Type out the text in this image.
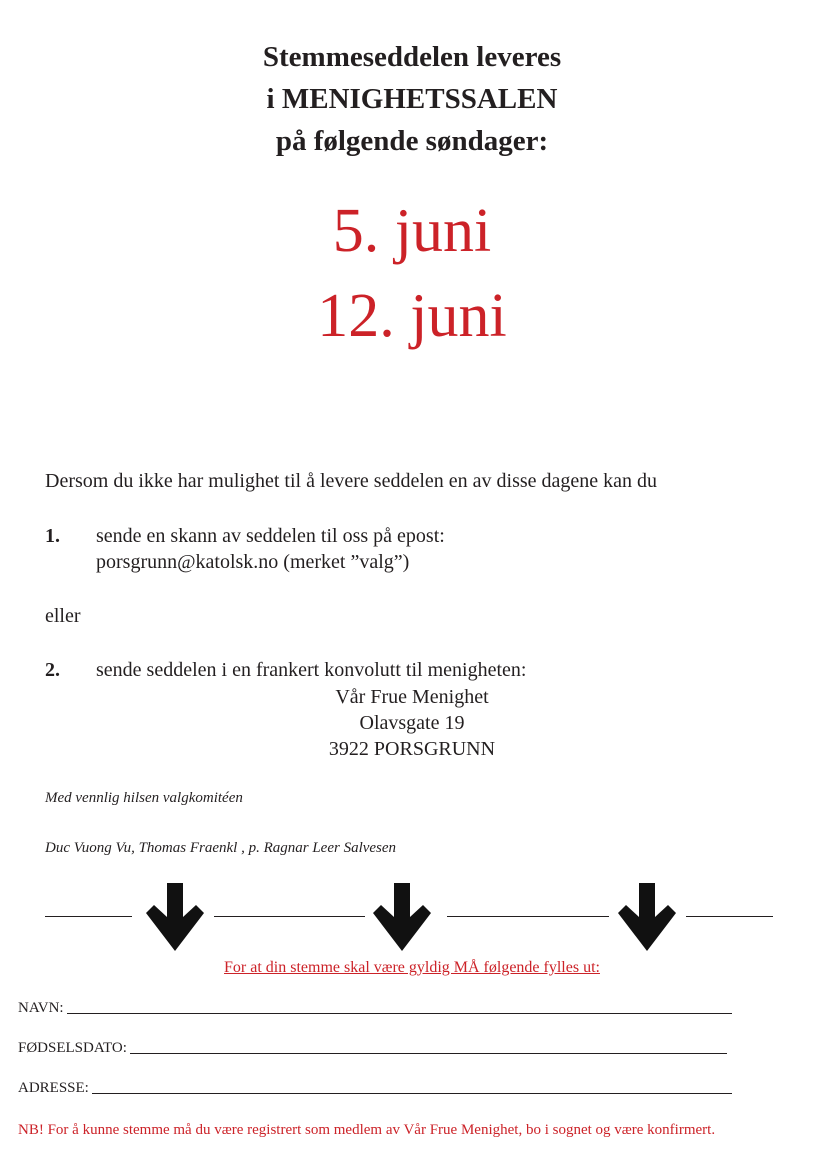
Stemmeseddelen leveres
i MENIGHETSSALEN
på følgende søndager:
5. juni
12. juni
Dersom du ikke har mulighet til å levere seddelen en av disse dagene kan du
1. sende en skann av seddelen til oss på epost:
porsgrunn@katolsk.no (merket ”valg”)
eller
2. sende seddelen i en frankert konvolutt til menigheten:
Vår Frue Menighet
Olavsgate 19
3922 PORSGRUNN
Med vennlig hilsen valgkomitéen
Duc Vuong Vu, Thomas Fraenkl , p. Ragnar Leer Salvesen
For at din stemme skal være gyldig MÅ følgende fylles ut:
NAVN:
FØDSELSDATO:
ADRESSE:
NB! For å kunne stemme må du være registrert som medlem av Vår Frue Menighet, bo i sognet og være konfirmert.
